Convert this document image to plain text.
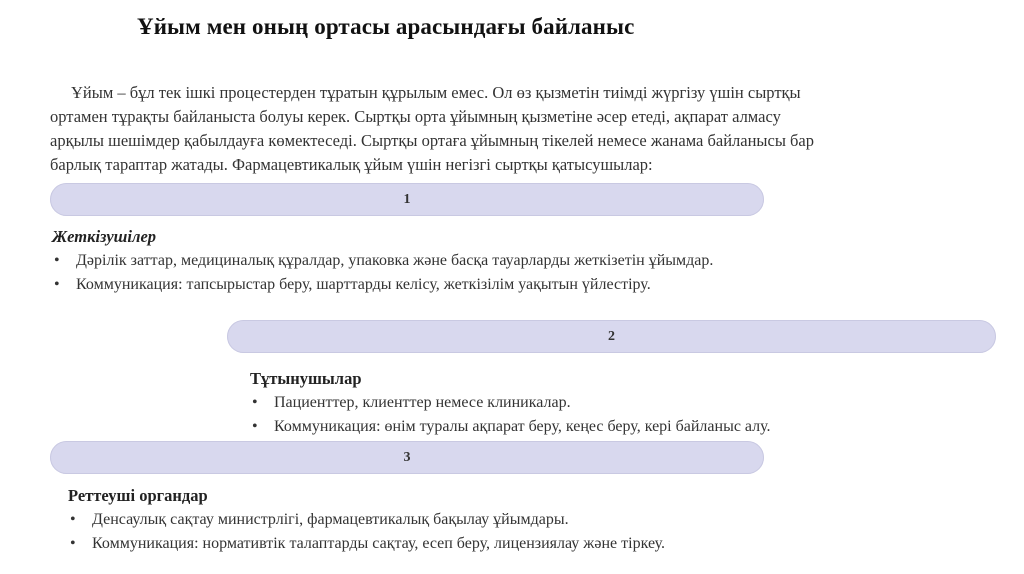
Ұйым мен оның ортасы арасындағы байланыс
Ұйым – бұл тек ішкі процестерден тұратын құрылым емес. Ол өз қызметін тиімді жүргізу үшін сыртқы
ортамен тұрақты байланыста болуы керек. Сыртқы орта ұйымның қызметіне әсер етеді, ақпарат алмасу
арқылы шешімдер қабылдауға көмектеседі. Сыртқы ортаға ұйымның тікелей немесе жанама байланысы бар
барлық тараптар жатады. Фармацевтикалық ұйым үшін негізгі сыртқы қатысушылар:
1
Жеткізушілер
• Дәрілік заттар, медициналық құралдар, упаковка және басқа тауарларды жеткізетін ұйымдар.
• Коммуникация: тапсырыстар беру, шарттарды келісу, жеткізілім уақытын үйлестіру.
2
Тұтынушылар
• Пациенттер, клиенттер немесе клиникалар.
• Коммуникация: өнім туралы ақпарат беру, кеңес беру, кері байланыс алу.
3
Реттеуші органдар
• Денсаулық сақтау министрлігі, фармацевтикалық бақылау ұйымдары.
• Коммуникация: нормативтік талаптарды сақтау, есеп беру, лицензиялау және тіркеу.
